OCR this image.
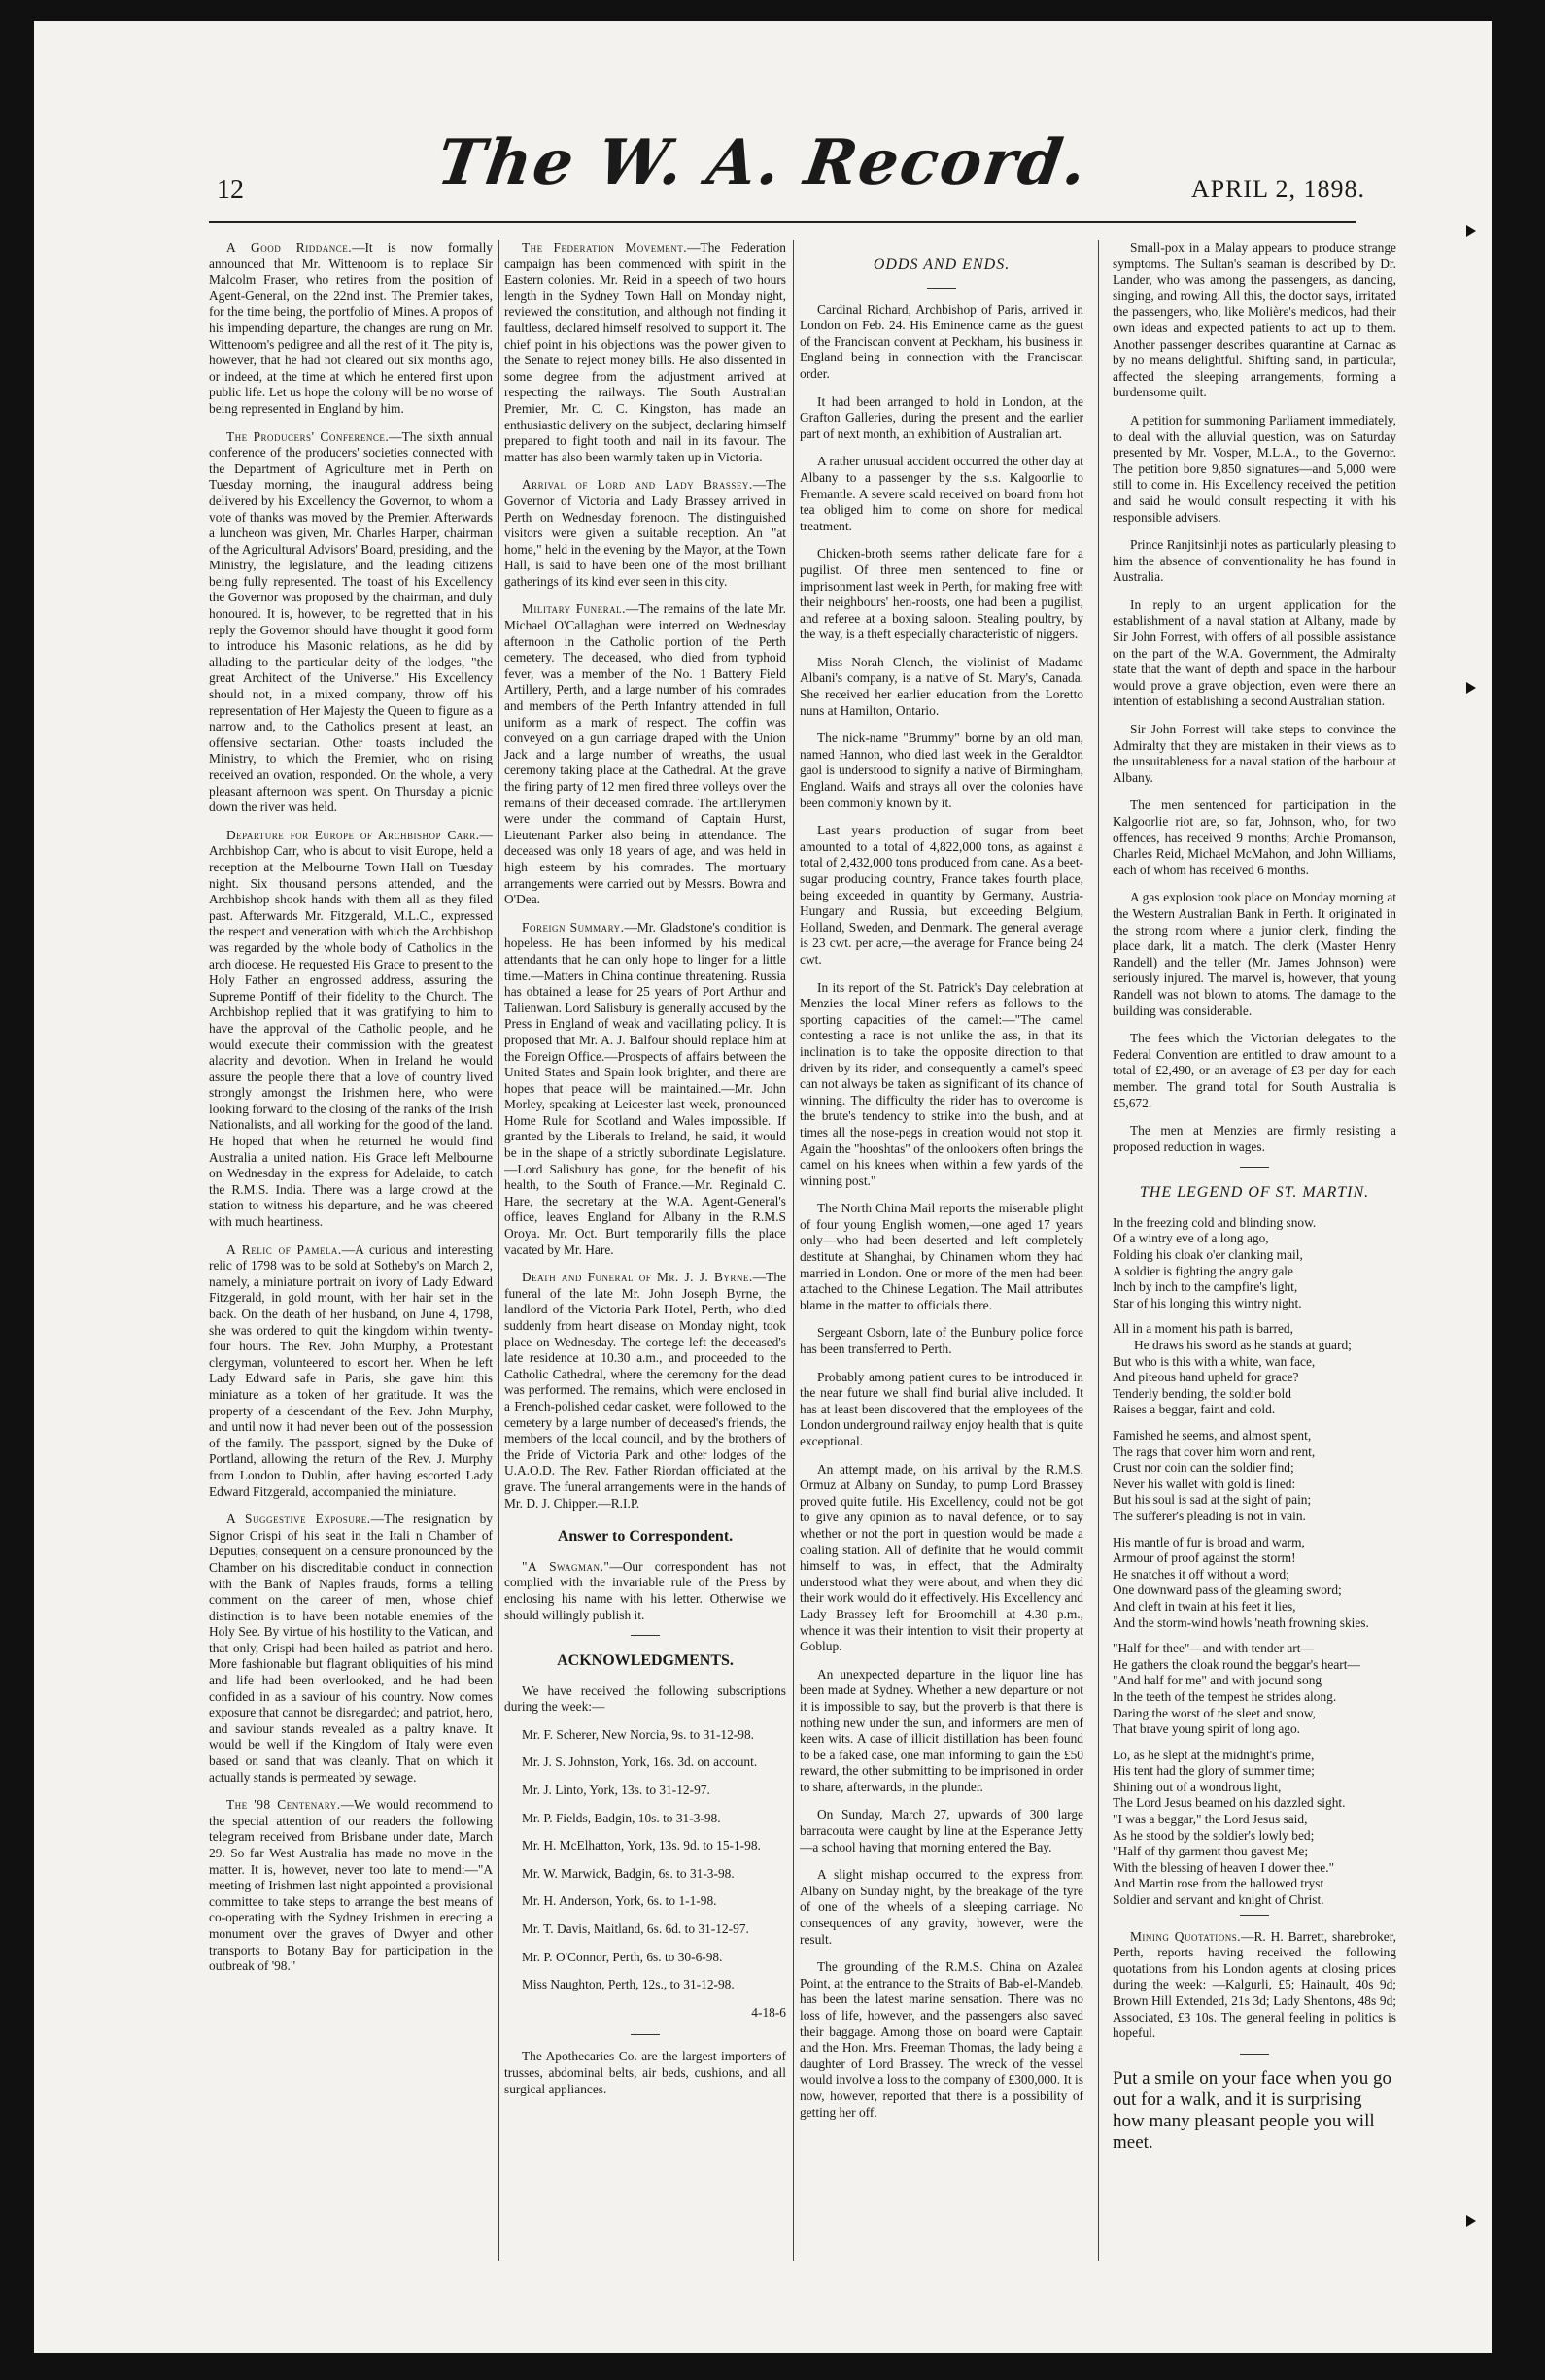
12	The W. A. Record.	APRIL 2, 1898.

A Good Riddance.—It is now formally announced that Mr. Wittenoom is to replace Sir Malcolm Fraser, who retires from the position of Agent-General, on the 22nd inst. The Premier takes, for the time being, the portfolio of Mines. A propos of his impending departure, the changes are rung on Mr. Wittenoom's pedigree and all the rest of it. The pity is, however, that he had not cleared out six months ago, or indeed, at the time at which he entered first upon public life. Let us hope the colony will be no worse of being represented in England by him.

The Producers' Conference.—The sixth annual conference of the producers' societies connected with the Department of Agriculture met in Perth on Tuesday morning, the inaugural address being delivered by his Excellency the Governor, to whom a vote of thanks was moved by the Premier. Afterwards a luncheon was given, Mr. Charles Harper, chairman of the Agricultural Advisors' Board, presiding, and the Ministry, the legislature, and the leading citizens being fully represented. The toast of his Excellency the Governor was proposed by the chairman, and duly honoured. It is, however, to be regretted that in his reply the Governor should have thought it good form to introduce his Masonic relations, as he did by alluding to the particular deity of the lodges, "the great Architect of the Universe." His Excellency should not, in a mixed company, throw off his representation of Her Majesty the Queen to figure as a narrow and, to the Catholics present at least, an offensive sectarian. Other toasts included the Ministry, to which the Premier, who on rising received an ovation, responded. On the whole, a very pleasant afternoon was spent. On Thursday a picnic down the river was held.

Departure for Europe of Archbishop Carr.—Archbishop Carr, who is about to visit Europe, held a reception at the Melbourne Town Hall on Tuesday night. Six thousand persons attended, and the Archbishop shook hands with them all as they filed past. Afterwards Mr. Fitzgerald, M.L.C., expressed the respect and veneration with which the Archbishop was regarded by the whole body of Catholics in the arch diocese. He requested His Grace to present to the Holy Father an engrossed address, assuring the Supreme Pontiff of their fidelity to the Church. The Archbishop replied that it was gratifying to him to have the approval of the Catholic people, and he would execute their commission with the greatest alacrity and devotion. When in Ireland he would assure the people there that a love of country lived strongly amongst the Irishmen here, who were looking forward to the closing of the ranks of the Irish Nationalists, and all working for the good of the land. He hoped that when he returned he would find Australia a united nation. His Grace left Melbourne on Wednesday in the express for Adelaide, to catch the R.M.S. India. There was a large crowd at the station to witness his departure, and he was cheered with much heartiness.

A Relic of Pamela.—A curious and interesting relic of 1798 was to be sold at Sotheby's on March 2, namely, a miniature portrait on ivory of Lady Edward Fitzgerald, in gold mount, with her hair set in the back. On the death of her husband, on June 4, 1798, she was ordered to quit the kingdom within twenty-four hours. The Rev. John Murphy, a Protestant clergyman, volunteered to escort her. When he left Lady Edward safe in Paris, she gave him this miniature as a token of her gratitude. It was the property of a descendant of the Rev. John Murphy, and until now it had never been out of the possession of the family. The passport, signed by the Duke of Portland, allowing the return of the Rev. J. Murphy from London to Dublin, after having escorted Lady Edward Fitzgerald, accompanied the miniature.

A Suggestive Exposure.—The resignation by Signor Crispi of his seat in the Itali n Chamber of Deputies, consequent on a censure pronounced by the Chamber on his discreditable conduct in connection with the Bank of Naples frauds, forms a telling comment on the career of men, whose chief distinction is to have been notable enemies of the Holy See. By virtue of his hostility to the Vatican, and that only, Crispi had been hailed as patriot and hero. More fashionable but flagrant obliquities of his mind and life had been overlooked, and he had been confided in as a saviour of his country. Now comes exposure that cannot be disregarded; and patriot, hero, and saviour stands revealed as a paltry knave. It would be well if the Kingdom of Italy were even based on sand that was cleanly. That on which it actually stands is permeated by sewage.

The '98 Centenary.—We would recommend to the special attention of our readers the following telegram received from Brisbane under date, March 29. So far West Australia has made no move in the matter. It is, however, never too late to mend:—"A meeting of Irishmen last night appointed a provisional committee to take steps to arrange the best means of co-operating with the Sydney Irishmen in erecting a monument over the graves of Dwyer and other transports to Botany Bay for participation in the outbreak of '98."

The Federation Movement.—The Federation campaign has been commenced with spirit in the Eastern colonies. Mr. Reid in a speech of two hours length in the Sydney Town Hall on Monday night, reviewed the constitution, and although not finding it faultless, declared himself resolved to support it. The chief point in his objections was the power given to the Senate to reject money bills. He also dissented in some degree from the adjustment arrived at respecting the railways. The South Australian Premier, Mr. C. C. Kingston, has made an enthusiastic delivery on the subject, declaring himself prepared to fight tooth and nail in its favour. The matter has also been warmly taken up in Victoria.

Arrival of Lord and Lady Brassey.—The Governor of Victoria and Lady Brassey arrived in Perth on Wednesday forenoon. The distinguished visitors were given a suitable reception. An "at home," held in the evening by the Mayor, at the Town Hall, is said to have been one of the most brilliant gatherings of its kind ever seen in this city.

Military Funeral.—The remains of the late Mr. Michael O'Callaghan were interred on Wednesday afternoon in the Catholic portion of the Perth cemetery. The deceased, who died from typhoid fever, was a member of the No. 1 Battery Field Artillery, Perth, and a large number of his comrades and members of the Perth Infantry attended in full uniform as a mark of respect. The coffin was conveyed on a gun carriage draped with the Union Jack and a large number of wreaths, the usual ceremony taking place at the Cathedral. At the grave the firing party of 12 men fired three volleys over the remains of their deceased comrade. The artillerymen were under the command of Captain Hurst, Lieutenant Parker also being in attendance. The deceased was only 18 years of age, and was held in high esteem by his comrades. The mortuary arrangements were carried out by Messrs. Bowra and O'Dea.

Foreign Summary.—Mr. Gladstone's condition is hopeless. He has been informed by his medical attendants that he can only hope to linger for a little time.—Matters in China continue threatening. Russia has obtained a lease for 25 years of Port Arthur and Talienwan. Lord Salisbury is generally accused by the Press in England of weak and vacillating policy. It is proposed that Mr. A. J. Balfour should replace him at the Foreign Office.—Prospects of affairs between the United States and Spain look brighter, and there are hopes that peace will be maintained.—Mr. John Morley, speaking at Leicester last week, pronounced Home Rule for Scotland and Wales impossible. If granted by the Liberals to Ireland, he said, it would be in the shape of a strictly subordinate Legislature.—Lord Salisbury has gone, for the benefit of his health, to the South of France.—Mr. Reginald C. Hare, the secretary at the W.A. Agent-General's office, leaves England for Albany in the R.M.S Oroya. Mr. Oct. Burt temporarily fills the place vacated by Mr. Hare.

Death and Funeral of Mr. J. J. Byrne.—The funeral of the late Mr. John Joseph Byrne, the landlord of the Victoria Park Hotel, Perth, who died suddenly from heart disease on Monday night, took place on Wednesday. The cortege left the deceased's late residence at 10.30 a.m., and proceeded to the Catholic Cathedral, where the ceremony for the dead was performed. The remains, which were enclosed in a French-polished cedar casket, were followed to the cemetery by a large number of deceased's friends, the members of the local council, and by the brothers of the Pride of Victoria Park and other lodges of the U.A.O.D. The Rev. Father Riordan officiated at the grave. The funeral arrangements were in the hands of Mr. D. J. Chipper.—R.I.P.

Answer to Correspondent.

"A Swagman."—Our correspondent has not complied with the invariable rule of the Press by enclosing his name with his letter. Otherwise we should willingly publish it.

ACKNOWLEDGMENTS.

We have received the following subscriptions during the week:—

Mr. F. Scherer, New Norcia, 9s. to 31-12-98.

Mr. J. S. Johnston, York, 16s. 3d. on account.

Mr. J. Linto, York, 13s. to 31-12-97.

Mr. P. Fields, Badgin, 10s. to 31-3-98.

Mr. H. McElhatton, York, 13s. 9d. to 15-1-98.

Mr. W. Marwick, Badgin, 6s. to 31-3-98.

Mr. H. Anderson, York, 6s. to 1-1-98.

Mr. T. Davis, Maitland, 6s. 6d. to 31-12-97.

Mr. P. O'Connor, Perth, 6s. to 30-6-98.

Miss Naughton, Perth, 12s., to 31-12-98.

4-18-6

The Apothecaries Co. are the largest importers of trusses, abdominal belts, air beds, cushions, and all surgical appliances.

ODDS AND ENDS.

Cardinal Richard, Archbishop of Paris, arrived in London on Feb. 24. His Eminence came as the guest of the Franciscan convent at Peckham, his business in England being in connection with the Franciscan order.

It had been arranged to hold in London, at the Grafton Galleries, during the present and the earlier part of next month, an exhibition of Australian art.

A rather unusual accident occurred the other day at Albany to a passenger by the s.s. Kalgoorlie to Fremantle. A severe scald received on board from hot tea obliged him to come on shore for medical treatment.

Chicken-broth seems rather delicate fare for a pugilist. Of three men sentenced to fine or imprisonment last week in Perth, for making free with their neighbours' hen-roosts, one had been a pugilist, and referee at a boxing saloon. Stealing poultry, by the way, is a theft especially characteristic of niggers.

Miss Norah Clench, the violinist of Madame Albani's company, is a native of St. Mary's, Canada. She received her earlier education from the Loretto nuns at Hamilton, Ontario.

The nick-name "Brummy" borne by an old man, named Hannon, who died last week in the Geraldton gaol is understood to signify a native of Birmingham, England. Waifs and strays all over the colonies have been commonly known by it.

Last year's production of sugar from beet amounted to a total of 4,822,000 tons, as against a total of 2,432,000 tons produced from cane. As a beet-sugar producing country, France takes fourth place, being exceeded in quantity by Germany, Austria-Hungary and Russia, but exceeding Belgium, Holland, Sweden, and Denmark. The general average is 23 cwt. per acre,—the average for France being 24 cwt.

In its report of the St. Patrick's Day celebration at Menzies the local Miner refers as follows to the sporting capacities of the camel:—"The camel contesting a race is not unlike the ass, in that its inclination is to take the opposite direction to that driven by its rider, and consequently a camel's speed can not always be taken as significant of its chance of winning. The difficulty the rider has to overcome is the brute's tendency to strike into the bush, and at times all the nose-pegs in creation would not stop it. Again the "hooshtas" of the onlookers often brings the camel on his knees when within a few yards of the winning post."

The North China Mail reports the miserable plight of four young English women,—one aged 17 years only—who had been deserted and left completely destitute at Shanghai, by Chinamen whom they had married in London. One or more of the men had been attached to the Chinese Legation. The Mail attributes blame in the matter to officials there.

Sergeant Osborn, late of the Bunbury police force has been transferred to Perth.

Probably among patient cures to be introduced in the near future we shall find burial alive included. It has at least been discovered that the employees of the London underground railway enjoy health that is quite exceptional.

An attempt made, on his arrival by the R.M.S. Ormuz at Albany on Sunday, to pump Lord Brassey proved quite futile. His Excellency, could not be got to give any opinion as to naval defence, or to say whether or not the port in question would be made a coaling station. All of definite that he would commit himself to was, in effect, that the Admiralty understood what they were about, and when they did their work would do it effectively. His Excellency and Lady Brassey left for Broomehill at 4.30 p.m., whence it was their intention to visit their property at Goblup.

An unexpected departure in the liquor line has been made at Sydney. Whether a new departure or not it is impossible to say, but the proverb is that there is nothing new under the sun, and informers are men of keen wits. A case of illicit distillation has been found to be a faked case, one man informing to gain the £50 reward, the other submitting to be imprisoned in order to share, afterwards, in the plunder.

On Sunday, March 27, upwards of 300 large barracouta were caught by line at the Esperance Jetty—a school having that morning entered the Bay.

A slight mishap occurred to the express from Albany on Sunday night, by the breakage of the tyre of one of the wheels of a sleeping carriage. No consequences of any gravity, however, were the result.

The grounding of the R.M.S. China on Azalea Point, at the entrance to the Straits of Bab-el-Mandeb, has been the latest marine sensation. There was no loss of life, however, and the passengers also saved their baggage. Among those on board were Captain and the Hon. Mrs. Freeman Thomas, the lady being a daughter of Lord Brassey. The wreck of the vessel would involve a loss to the company of £300,000. It is now, however, reported that there is a possibility of getting her off.

Small-pox in a Malay appears to produce strange symptoms. The Sultan's seaman is described by Dr. Lander, who was among the passengers, as dancing, singing, and rowing. All this, the doctor says, irritated the passengers, who, like Molière's medicos, had their own ideas and expected patients to act up to them. Another passenger describes quarantine at Carnac as by no means delightful. Shifting sand, in particular, affected the sleeping arrangements, forming a burdensome quilt.

A petition for summoning Parliament immediately, to deal with the alluvial question, was on Saturday presented by Mr. Vosper, M.L.A., to the Governor. The petition bore 9,850 signatures—and 5,000 were still to come in. His Excellency received the petition and said he would consult respecting it with his responsible advisers.

Prince Ranjitsinhji notes as particularly pleasing to him the absence of conventionality he has found in Australia.

In reply to an urgent application for the establishment of a naval station at Albany, made by Sir John Forrest, with offers of all possible assistance on the part of the W.A. Government, the Admiralty state that the want of depth and space in the harbour would prove a grave objection, even were there an intention of establishing a second Australian station.

Sir John Forrest will take steps to convince the Admiralty that they are mistaken in their views as to the unsuitableness for a naval station of the harbour at Albany.

The men sentenced for participation in the Kalgoorlie riot are, so far, Johnson, who, for two offences, has received 9 months; Archie Promanson, Charles Reid, Michael McMahon, and John Williams, each of whom has received 6 months.

A gas explosion took place on Monday morning at the Western Australian Bank in Perth. It originated in the strong room where a junior clerk, finding the place dark, lit a match. The clerk (Master Henry Randell) and the teller (Mr. James Johnson) were seriously injured. The marvel is, however, that young Randell was not blown to atoms. The damage to the building was considerable.

The fees which the Victorian delegates to the Federal Convention are entitled to draw amount to a total of £2,490, or an average of £3 per day for each member. The grand total for South Australia is £5,672.

The men at Menzies are firmly resisting a proposed reduction in wages.

THE LEGEND OF ST. MARTIN.
In the freezing cold and blinding snow.
Of a wintry eve of a long ago,
Folding his cloak o'er clanking mail,
A soldier is fighting the angry gale
Inch by inch to the campfire's light,
Star of his longing this wintry night.
All in a moment his path is barred,
He draws his sword as he stands at guard;
But who is this with a white, wan face,
And piteous hand upheld for grace?
Tenderly bending, the soldier bold
Raises a beggar, faint and cold.
Famished he seems, and almost spent,
The rags that cover him worn and rent,
Crust nor coin can the soldier find;
Never his wallet with gold is lined:
But his soul is sad at the sight of pain;
The sufferer's pleading is not in vain.
His mantle of fur is broad and warm,
Armour of proof against the storm!
He snatches it off without a word;
One downward pass of the gleaming sword;
And cleft in twain at his feet it lies,
And the storm-wind howls 'neath frowning skies.
"Half for thee"—and with tender art—
He gathers the cloak round the beggar's heart—
"And half for me" and with jocund song
In the teeth of the tempest he strides along.
Daring the worst of the sleet and snow,
That brave young spirit of long ago.
Lo, as he slept at the midnight's prime,
His tent had the glory of summer time;
Shining out of a wondrous light,
The Lord Jesus beamed on his dazzled sight.
"I was a beggar," the Lord Jesus said,
As he stood by the soldier's lowly bed;
"Half of thy garment thou gavest Me;
With the blessing of heaven I dower thee."
And Martin rose from the hallowed tryst
Soldier and servant and knight of Christ.

Mining Quotations.—R. H. Barrett, sharebroker, Perth, reports having received the following quotations from his London agents at closing prices during the week: —Kalgurli, £5; Hainault, 40s 9d; Brown Hill Extended, 21s 3d; Lady Shentons, 48s 9d; Associated, £3 10s. The general feeling in politics is hopeful.

Put a smile on your face when you go out for a walk, and it is surprising how many pleasant people you will meet.
